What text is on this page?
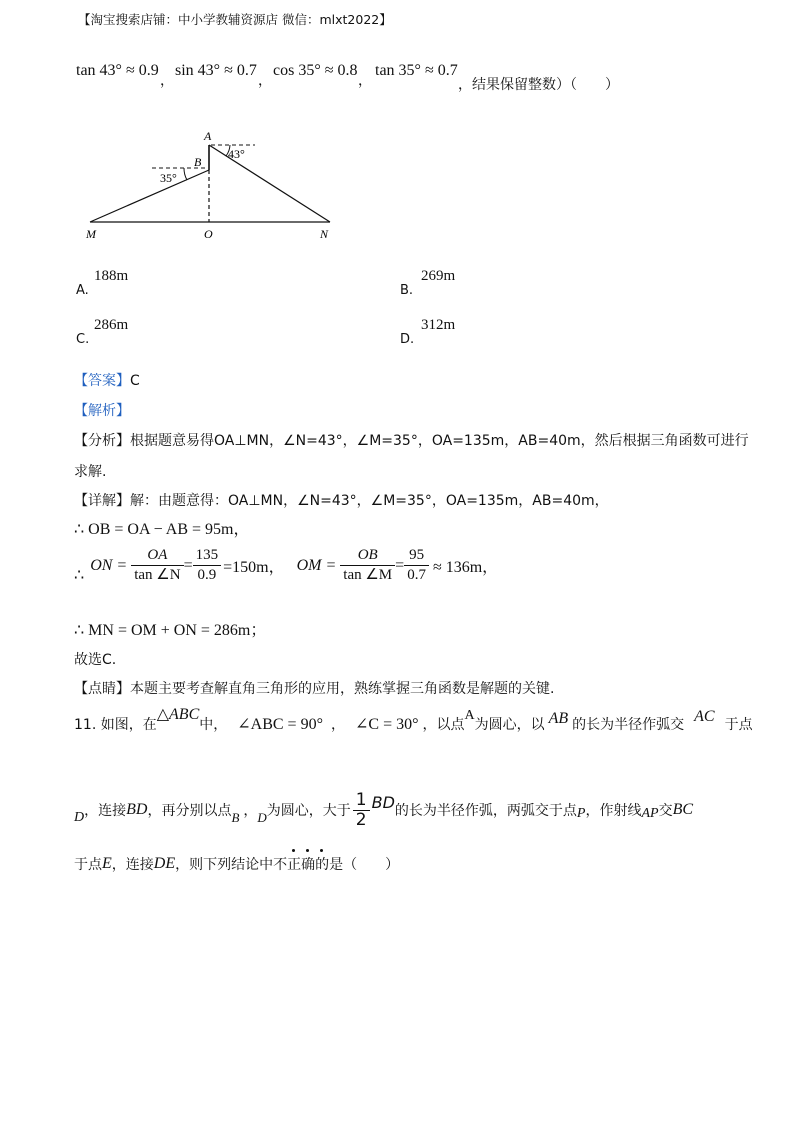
【淘宝搜索店铺：中小学教辅资源店 微信：mlxt2022】
tan 43° ≈ 0.9
，
sin 43° ≈ 0.7
，
cos 35° ≈ 0.8
，
tan 35° ≈ 0.7
，结果保留整数）（　　）
A
B
43°
35°
M	O	N
A.
188m
B.
269m
C.
286m
D.
312m
【答案】C
【解析】
【分析】根据题意易得OA⊥MN，∠N=43°，∠M=35°，OA=135m，AB=40m，然后根据三角函数可进行
求解.
【详解】解：由题意得：OA⊥MN，∠N=43°，∠M=35°，OA=135m，AB=40m，
∴ OB = OA − AB = 95m，
∴
ON = $\frac{OA}{\tan \angle N} = \frac{135}{0.9} =150m$， OM = $\frac{OB}{\tan \angle M} = \frac{95}{0.7} \approx 136m$，
∴ MN = OM + ON = 286m；
故选C.
【点睛】本题主要考查解直角三角形的应用，熟练掌握三角函数是解题的关键.
11. 如图，在
△ABC
中， ∠ABC = 90° ， ∠C = 30° ，以点
A
为圆心，以 AB 的长为半径作弧交 AC 于点
D ，连接 BD ，再分别以点 B ， D 为圆心，大于 $\frac{1}{2}$ BD 的长为半径作弧，两弧交于点 P ，作射线 AP 交 BC
于点 E ，连接 DE ，则下列结论中不正确的是（　　）
